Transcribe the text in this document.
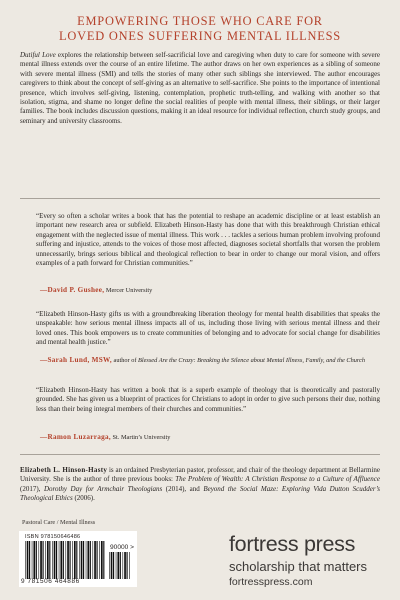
EMPOWERING THOSE WHO CARE FOR
LOVED ONES SUFFERING MENTAL ILLNESS
Dutiful Love explores the relationship between self-sacrificial love and caregiving when duty to care for someone with severe mental illness extends over the course of an entire lifetime. The author draws on her own experiences as a sibling of someone with severe mental illness (SMI) and tells the stories of many other such siblings she interviewed. The author encourages caregivers to think about the concept of self-giving as an alternative to self-sacrifice. She points to the importance of intentional presence, which involves self-giving, listening, contemplation, prophetic truth-telling, and walking with another so that isolation, stigma, and shame no longer define the social realities of people with mental illness, their siblings, or their larger families. The book includes discussion questions, making it an ideal resource for individual reflection, church study groups, and seminary and university classrooms.
“Every so often a scholar writes a book that has the potential to reshape an academic discipline or at least establish an important new research area or subfield. Elizabeth Hinson-Hasty has done that with this breakthrough Christian ethical engagement with the neglected issue of mental illness. This work . . . tackles a serious human problem involving profound suffering and injustice, attends to the voices of those most affected, diagnoses societal shortfalls that worsen the problem unnecessarily, brings serious biblical and theological reflection to bear in order to change our moral vision, and offers examples of a path forward for Christian communities.”
—David P. Gushee, Mercer University
“Elizabeth Hinson-Hasty gifts us with a groundbreaking liberation theology for mental health disabilities that speaks the unspeakable: how serious mental illness impacts all of us, including those living with serious mental illness and their loved ones. This book empowers us to create communities of belonging and to advocate for social change for disabilities and mental health justice.”
—Sarah Lund, MSW, author of Blessed Are the Crazy: Breaking the Silence about Mental Illness, Family, and the Church
“Elizabeth Hinson-Hasty has written a book that is a superb example of theology that is theoretically and pastorally grounded. She has given us a blueprint of practices for Christians to adopt in order to give such persons their due, nothing less than their being integral members of their churches and communities.”
—Ramon Luzarraga, St. Martin’s University
Elizabeth L. Hinson-Hasty is an ordained Presbyterian pastor, professor, and chair of the theology department at Bellarmine University. She is the author of three previous books: The Problem of Wealth: A Christian Response to a Culture of Affluence (2017), Dorothy Day for Armchair Theologians (2014), and Beyond the Social Maze: Exploring Vida Dutton Scudder’s Theological Ethics (2006).
Pastoral Care / Mental Illness
ISBN 978150646486
90000 >
9 781506 464886
fortress press
scholarship that matters
fortresspress.com
